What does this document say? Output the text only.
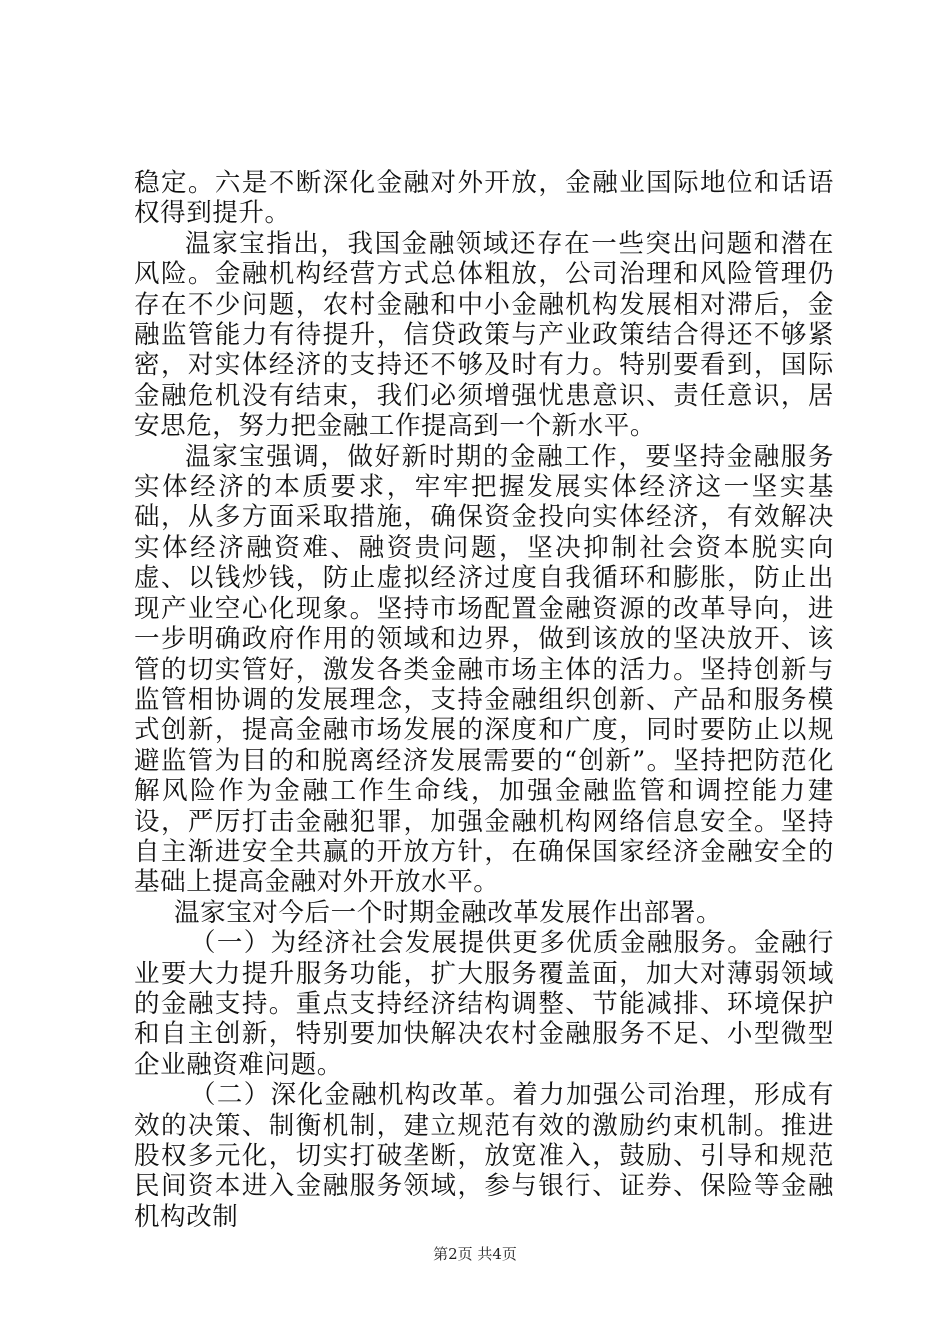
稳定。六是不断深化金融对外开放，金融业国际地位和话语权得到提升。

温家宝指出，我国金融领域还存在一些突出问题和潜在风险。金融机构经营方式总体粗放，公司治理和风险管理仍存在不少问题，农村金融和中小金融机构发展相对滞后，金融监管能力有待提升，信贷政策与产业政策结合得还不够紧密，对实体经济的支持还不够及时有力。特别要看到，国际金融危机没有结束，我们必须增强忧患意识、责任意识，居安思危，努力把金融工作提高到一个新水平。

温家宝强调，做好新时期的金融工作，要坚持金融服务实体经济的本质要求，牢牢把握发展实体经济这一坚实基础，从多方面采取措施，确保资金投向实体经济，有效解决实体经济融资难、融资贵问题，坚决抑制社会资本脱实向虚、以钱炒钱，防止虚拟经济过度自我循环和膨胀，防止出现产业空心化现象。坚持市场配置金融资源的改革导向，进一步明确政府作用的领域和边界，做到该放的坚决放开、该管的切实管好，激发各类金融市场主体的活力。坚持创新与监管相协调的发展理念，支持金融组织创新、产品和服务模式创新，提高金融市场发展的深度和广度，同时要防止以规避监管为目的和脱离经济发展需要的“创新”。坚持把防范化解风险作为金融工作生命线，加强金融监管和调控能力建设，严厉打击金融犯罪，加强金融机构网络信息安全。坚持自主渐进安全共赢的开放方针，在确保国家经济金融安全的基础上提高金融对外开放水平。

温家宝对今后一个时期金融改革发展作出部署。

（一）为经济社会发展提供更多优质金融服务。金融行业要大力提升服务功能，扩大服务覆盖面，加大对薄弱领域的金融支持。重点支持经济结构调整、节能减排、环境保护和自主创新，特别要加快解决农村金融服务不足、小型微型企业融资难问题。

（二）深化金融机构改革。着力加强公司治理，形成有效的决策、制衡机制，建立规范有效的激励约束机制。推进股权多元化，切实打破垄断，放宽准入，鼓励、引导和规范民间资本进入金融服务领域，参与银行、证券、保险等金融机构改制

第2页 共4页
